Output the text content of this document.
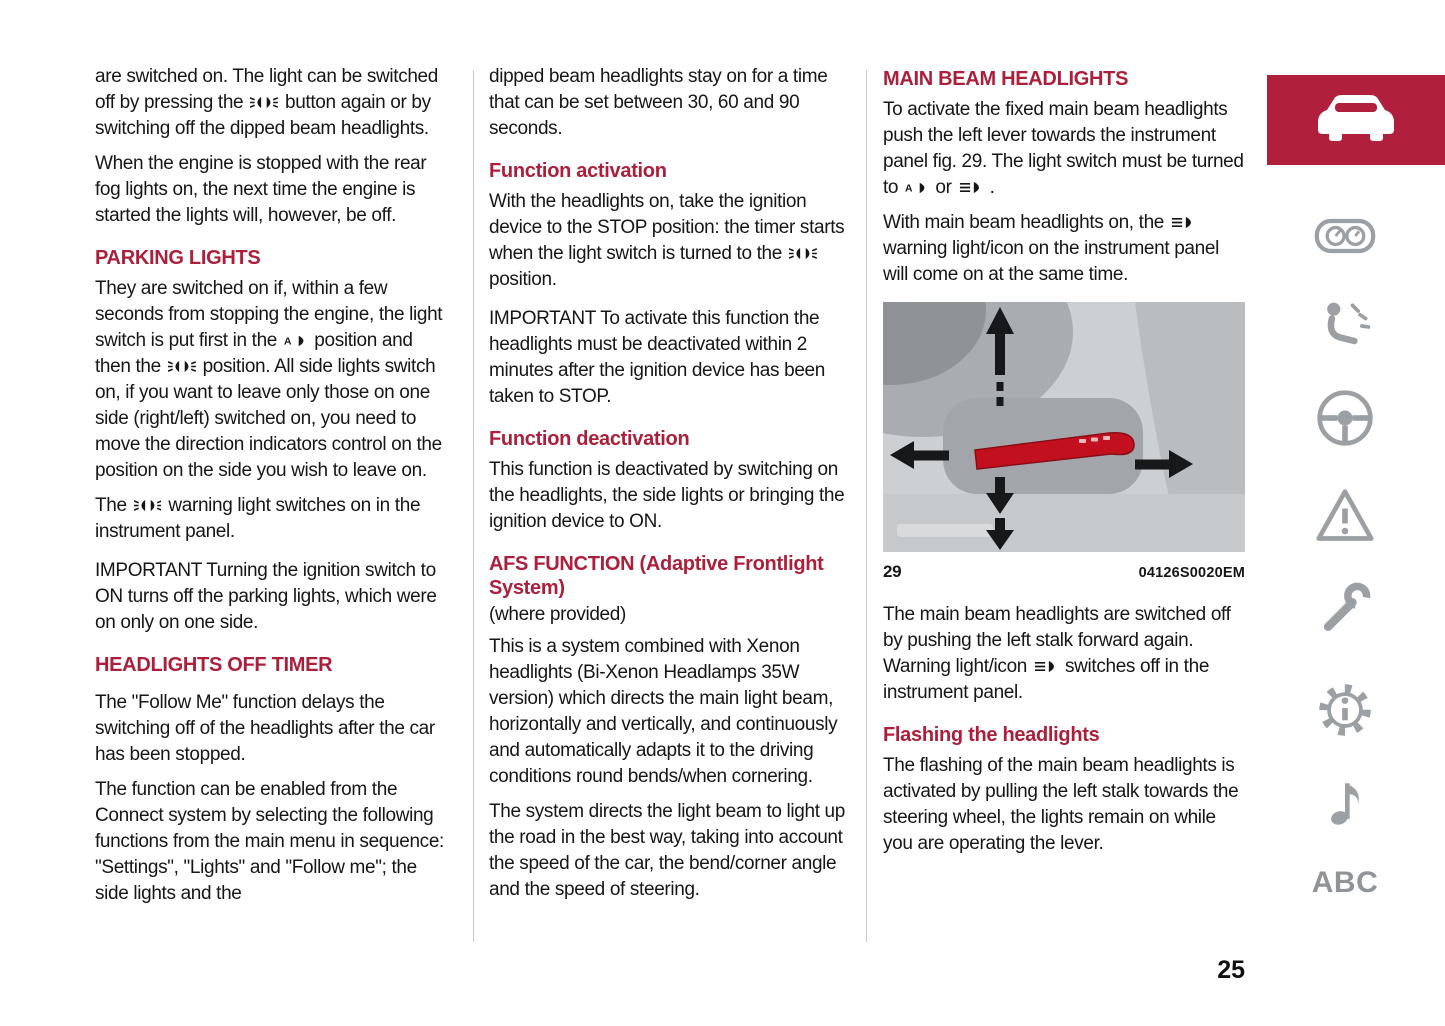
are switched on. The light can be switched off by pressing the
button again or by switching off the dipped beam headlights.

When the engine is stopped with the rear fog lights on, the next time the engine is started the lights will, however, be off.

PARKING LIGHTS

They are switched on if, within a few seconds from stopping the engine, the light switch is put first in the A position and then the
position. All side lights switch on, if you want to leave only those on one side (right/left) switched on, you need to move the direction indicators control on the position on the side you wish to leave on.

The
warning light switches on in the instrument panel.

IMPORTANT Turning the ignition switch to ON turns off the parking lights, which were on only on one side.

HEADLIGHTS OFF TIMER

The "Follow Me" function delays the switching off of the headlights after the car has been stopped.

The function can be enabled from the Connect system by selecting the following functions from the main menu in sequence: "Settings", "Lights" and "Follow me"; the side lights and the

dipped beam headlights stay on for a time that can be set between 30, 60 and 90 seconds.

Function activation

With the headlights on, take the ignition device to the STOP position: the timer starts when the light switch is turned to the
position.

IMPORTANT To activate this function the headlights must be deactivated within 2 minutes after the ignition device has been taken to STOP.

Function deactivation

This function is deactivated by switching on the headlights, the side lights or bringing the ignition device to ON.

AFS FUNCTION (Adaptive Frontlight System)

(where provided)

This is a system combined with Xenon headlights (Bi-Xenon Headlamps 35W version) which directs the main light beam, horizontally and vertically, and continuously and automatically adapts it to the driving conditions round bends/when cornering.

The system directs the light beam to light up the road in the best way, taking into account the speed of the car, the bend/corner angle and the speed of steering.

MAIN BEAM HEADLIGHTS

To activate the fixed main beam headlights push the left lever towards the instrument panel fig. 29. The light switch must be turned to A or
.

With main beam headlights on, the
warning light/icon on the instrument panel will come on at the same time.

29	04126S0020EM

The main beam headlights are switched off by pushing the left stalk forward again. Warning light/icon
switches off in the instrument panel.

Flashing the headlights

The flashing of the main beam headlights is activated by pulling the left stalk towards the steering wheel, the lights remain on while you are operating the lever.

ABC
25
